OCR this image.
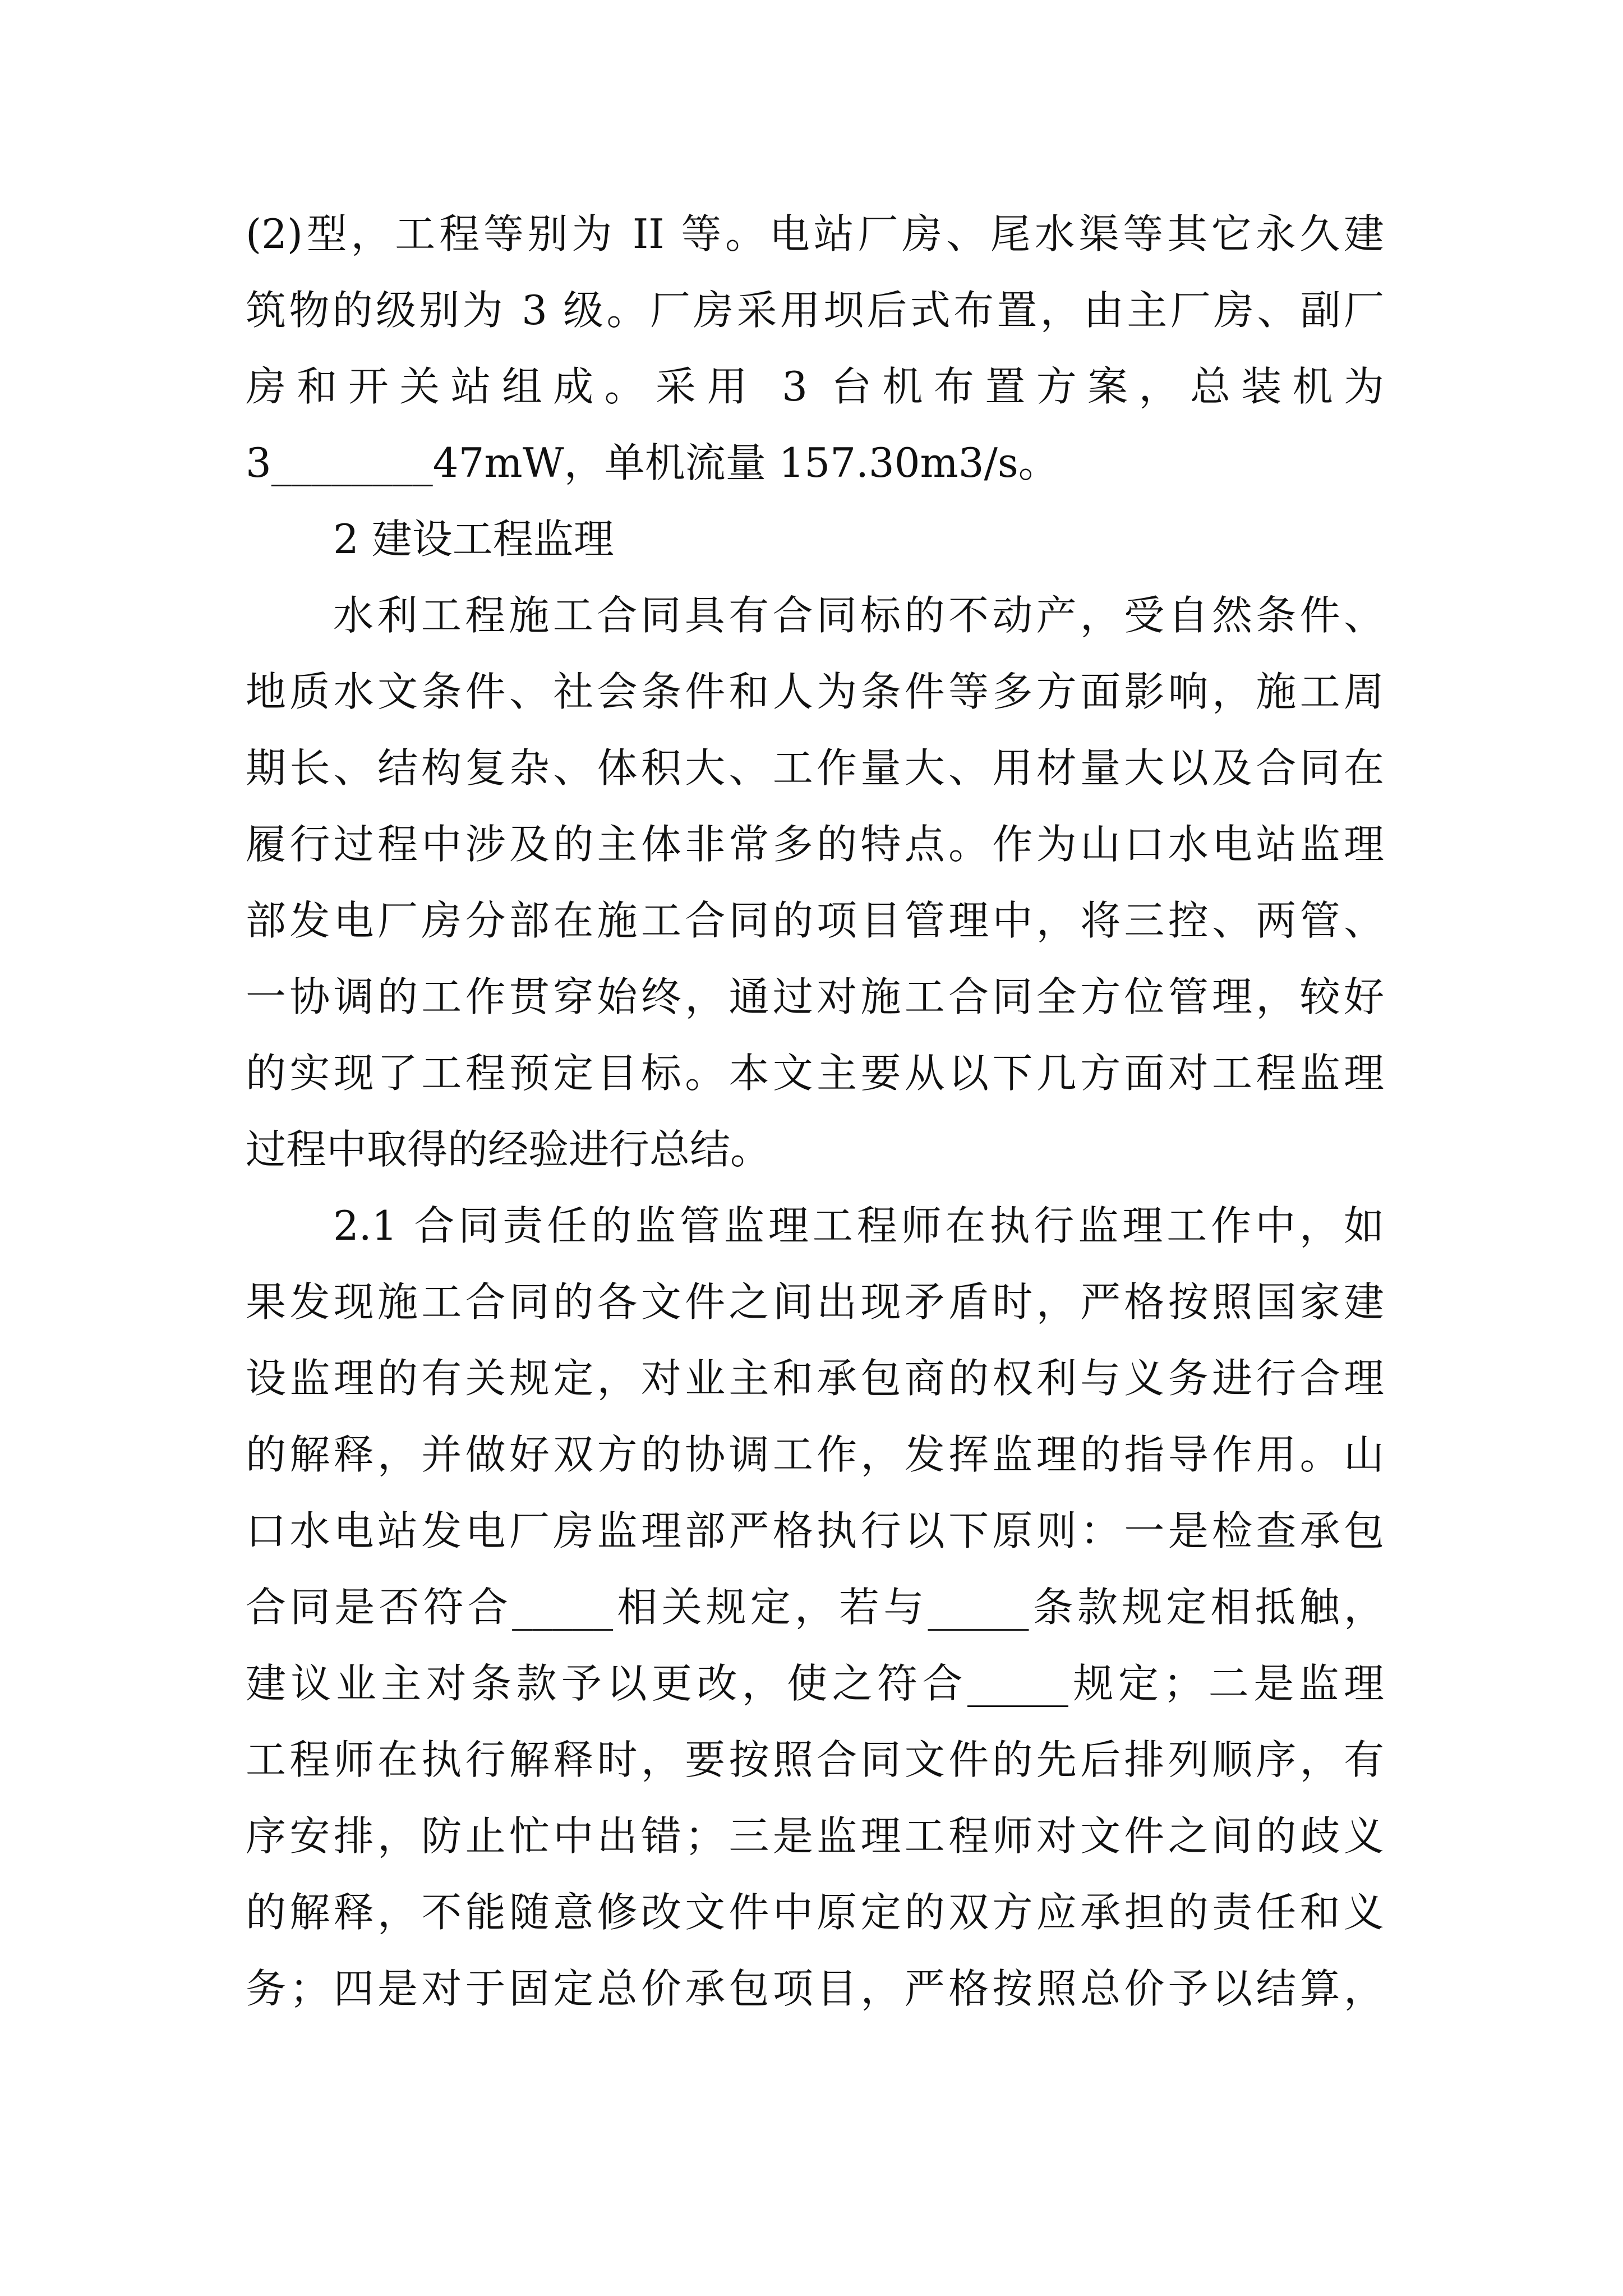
(2)型，工程等别为 II 等。电站厂房、尾水渠等其它永久建
筑物的级别为 3 级。厂房采用坝后式布置，由主厂房、副厂
房和开关站组成。采用 3 台机布置方案，总装机为
3________47mW，单机流量 157.30m3/s。
2 建设工程监理
水利工程施工合同具有合同标的不动产，受自然条件、
地质水文条件、社会条件和人为条件等多方面影响，施工周
期长、结构复杂、体积大、工作量大、用材量大以及合同在
履行过程中涉及的主体非常多的特点。作为山口水电站监理
部发电厂房分部在施工合同的项目管理中，将三控、两管、
一协调的工作贯穿始终，通过对施工合同全方位管理，较好
的实现了工程预定目标。本文主要从以下几方面对工程监理
过程中取得的经验进行总结。
2.1 合同责任的监管监理工程师在执行监理工作中，如
果发现施工合同的各文件之间出现矛盾时，严格按照国家建
设监理的有关规定，对业主和承包商的权利与义务进行合理
的解释，并做好双方的协调工作，发挥监理的指导作用。山
口水电站发电厂房监理部严格执行以下原则：一是检查承包
合同是否符合_____相关规定，若与_____条款规定相抵触，
建议业主对条款予以更改，使之符合_____规定；二是监理
工程师在执行解释时，要按照合同文件的先后排列顺序，有
序安排，防止忙中出错；三是监理工程师对文件之间的歧义
的解释，不能随意修改文件中原定的双方应承担的责任和义
务；四是对于固定总价承包项目，严格按照总价予以结算，
